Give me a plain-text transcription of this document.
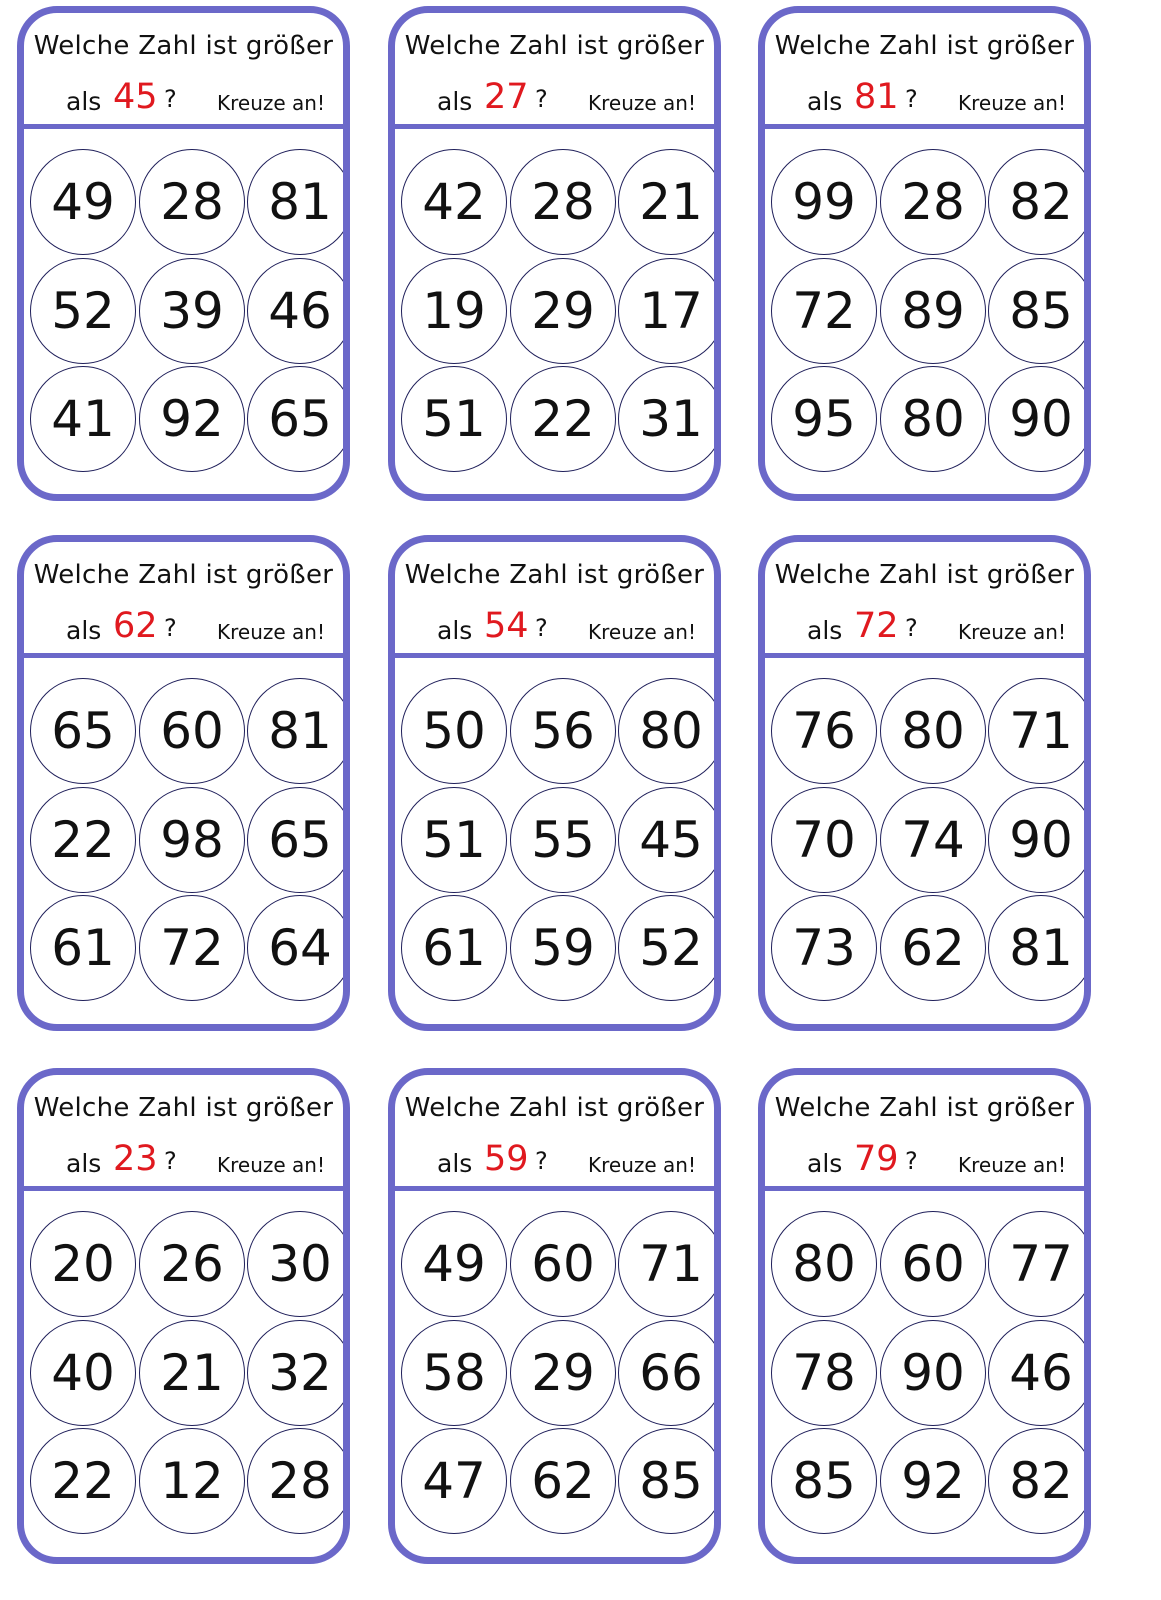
Welche Zahl ist größer
als 45 ? Kreuze an!
49 28 81
52 39 46
41 92 65
Welche Zahl ist größer
als 27 ? Kreuze an!
42 28 21
19 29 17
51 22 31
Welche Zahl ist größer
als 81 ? Kreuze an!
99 28 82
72 89 85
95 80 90
Welche Zahl ist größer
als 62 ? Kreuze an!
65 60 81
22 98 65
61 72 64
Welche Zahl ist größer
als 54 ? Kreuze an!
50 56 80
51 55 45
61 59 52
Welche Zahl ist größer
als 72 ? Kreuze an!
76 80 71
70 74 90
73 62 81
Welche Zahl ist größer
als 23 ? Kreuze an!
20 26 30
40 21 32
22 12 28
Welche Zahl ist größer
als 59 ? Kreuze an!
49 60 71
58 29 66
47 62 85
Welche Zahl ist größer
als 79 ? Kreuze an!
80 60 77
78 90 46
85 92 82
